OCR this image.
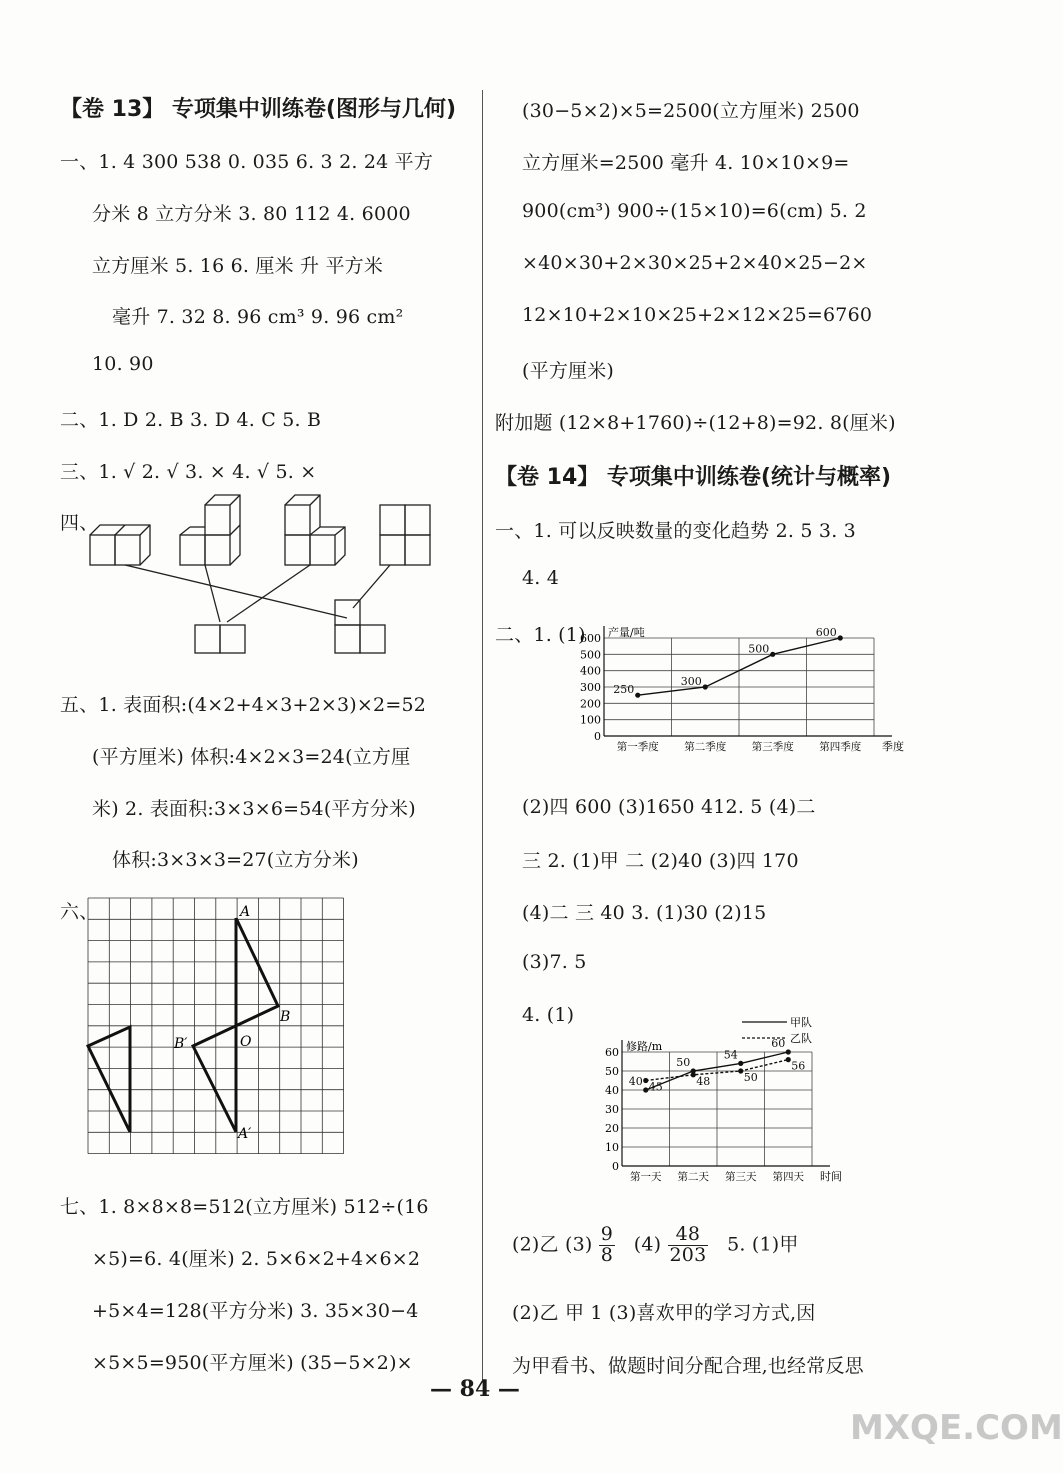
【卷 13】 专项集中训练卷(图形与几何)
一、1. 4 300 538 0. 035 6. 3 2. 24 平方
分米 8 立方分米 3. 80 112 4. 6000
立方厘米 5. 16 6. 厘米 升 平方米
毫升 7. 32 8. 96 cm³ 9. 96 cm²
10. 90
二、1. D 2. B 3. D 4. C 5. B
三、1. √ 2. √ 3. × 4. √ 5. ×
四、
五、1. 表面积:(4×2+4×3+2×3)×2=52
(平方厘米) 体积:4×2×3=24(立方厘
米) 2. 表面积:3×3×6=54(平方分米)
体积:3×3×3=27(立方分米)
六、	A
B
B′	O
A′
七、1. 8×8×8=512(立方厘米) 512÷(16
×5)=6. 4(厘米) 2. 5×6×2+4×6×2
+5×4=128(平方分米) 3. 35×30−4
×5×5=950(平方厘米) (35−5×2)×
(30−5×2)×5=2500(立方厘米) 2500
立方厘米=2500 毫升 4. 10×10×9=
900(cm³) 900÷(15×10)=6(cm) 5. 2
×40×30+2×30×25+2×40×25−2×
12×10+2×10×25+2×12×25=6760
(平方厘米)
附加题 (12×8+1760)÷(12+8)=92. 8(厘米)
【卷 14】 专项集中训练卷(统计与概率)
一、1. 可以反映数量的变化趋势 2. 5 3. 3
4. 4
二、1. (1)
0
100
200
300
400
500
600
第一季度 第二季度 第三季度 第四季度
产量/吨
季度
250
300
500
600
(2)四 600 (3)1650 412. 5 (4)二
三 2. (1)甲 二 (2)40 (3)四 170
(4)二 三 40 3. (1)30 (2)15
(3)7. 5
4. (1)
0
10
20
30
40
50
60
第一天 第二天 第三天 第四天
修路/m
时间
40
50
54
60
45	48	50
56
甲队
乙队
(2)乙 $(3) \frac{9}{8} (4) \frac{48}{203} 5$. (1)甲
(2)乙 甲 1 (3)喜欢甲的学习方式,因
为甲看书、做题时间分配合理,也经常反思
— 84 —
MXQE.COM
